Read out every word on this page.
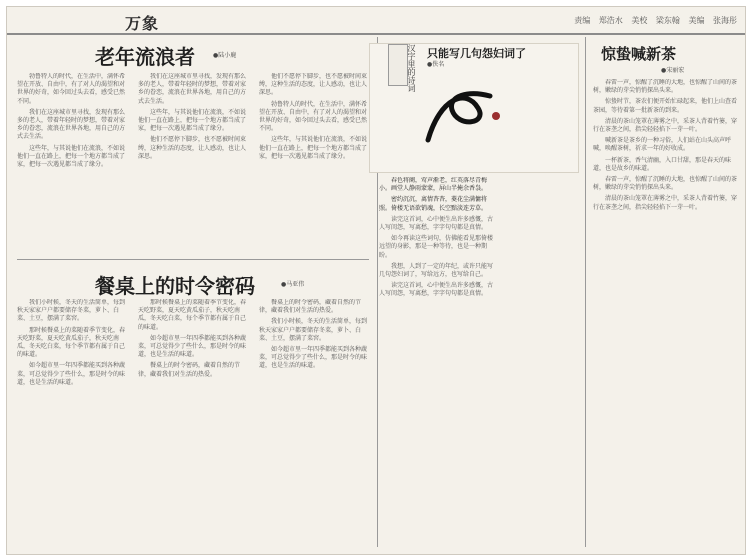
万象	责编 郑浩水 美校 梁东翰 美编 张海彤
老年流浪者	●陆小鹿

勃鲁特人的时代，在生活中，满怀希望在开放、自由中，有了对人的渴望和对世界的好奇，如今回过头去看，感受已然不同。

我们在这座城市里寻找，发现有那么多的老人，带着年轻时的梦想，带着对家乡的眷恋，流浪在世界各地，用自己的方式去生活。

这些年，与其说他们在流浪，不如说他们一直在路上，把每一个地方都当成了家，把每一次遇见都当成了缘分。

我们在这座城市里寻找，发现有那么多的老人，带着年轻时的梦想，带着对家乡的眷恋，流浪在世界各地，用自己的方式去生活。

这些年，与其说他们在流浪，不如说他们一直在路上，把每一个地方都当成了家，把每一次遇见都当成了缘分。

他们不愿停下脚步，也不愿被时间束缚，这种生活的态度，让人感动，也让人深思。

他们不愿停下脚步，也不愿被时间束缚，这种生活的态度，让人感动，也让人深思。

勃鲁特人的时代，在生活中，满怀希望在开放、自由中，有了对人的渴望和对世界的好奇，如今回过头去看，感受已然不同。

这些年，与其说他们在流浪，不如说他们一直在路上，把每一个地方都当成了家，把每一次遇见都当成了缘分。

餐桌上的时令密码	●马亚伟

我们小时候，冬天的生活简单，每到秋天家家户户都要储存冬菜，萝卜、白菜、土豆，摆满了菜窖。

那时候餐桌上的菜随着季节变化，春天吃野菜，夏天吃黄瓜茄子，秋天吃南瓜，冬天吃白菜，每个季节都有属于自己的味道。

如今超市里一年四季都能买到各种蔬菜，可总觉得少了些什么，那是时令的味道，也是生活的味道。

那时候餐桌上的菜随着季节变化，春天吃野菜，夏天吃黄瓜茄子，秋天吃南瓜，冬天吃白菜，每个季节都有属于自己的味道。

如今超市里一年四季都能买到各种蔬菜，可总觉得少了些什么，那是时令的味道，也是生活的味道。

餐桌上的时令密码，藏着自然的节律，藏着我们对生活的热爱。

餐桌上的时令密码，藏着自然的节律，藏着我们对生活的热爱。

我们小时候，冬天的生活简单，每到秋天家家户户都要储存冬菜，萝卜、白菜、土豆，摆满了菜窖。

如今超市里一年四季都能买到各种蔬菜，可总觉得少了些什么，那是时令的味道，也是生活的味道。

汉字里的诗词 只能写几句怨妇词了
●佚名

春色将阑，莺声渐老，红英落尽青梅小。画堂人静雨蒙蒙，屏山半掩余香袅。

密约沉沉，离情杳杳，菱花尘满慵将照。倚楼无语欲销魂，长空黯淡连芳草。

读完这首词，心中便生出许多感慨，古人写闺怨，写离愁，字字句句都是真情。

如今再读这些词句，仿佛能看见那倚楼远望的身影，那是一种等待，也是一种期盼。

我想，人到了一定的年纪，或许只能写几句怨妇词了，写给远方，也写给自己。

读完这首词，心中便生出许多感慨，古人写闺怨，写离愁，字字句句都是真情。

惊蛰喊新茶
●宋丽宏

春雷一声，惊醒了沉睡的大地，也惊醒了山间的茶树，嫩绿的芽尖悄悄探出头来。

惊蛰时节，茶农们便开始忙碌起来，他们上山查看茶园，等待着第一批新茶的到来。

清晨的茶山笼罩在薄雾之中，采茶人背着竹篓，穿行在茶垄之间，指尖轻轻掐下一芽一叶。

喊新茶是茶乡的一种习俗，人们站在山头高声呼喊，唤醒茶树，祈求一年的好收成。

一杯新茶，香气清幽，入口甘甜，那是春天的味道，也是故乡的味道。

春雷一声，惊醒了沉睡的大地，也惊醒了山间的茶树，嫩绿的芽尖悄悄探出头来。

清晨的茶山笼罩在薄雾之中，采茶人背着竹篓，穿行在茶垄之间，指尖轻轻掐下一芽一叶。
